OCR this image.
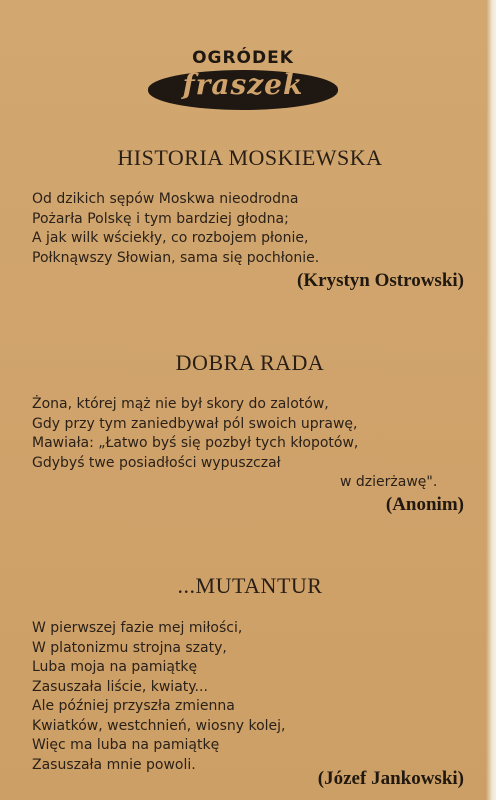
OGRÓDEK
fraszek
HISTORIA MOSKIEWSKA
Od dzikich sępów Moskwa nieodrodna
Pożarła Polskę i tym bardziej głodna;
A jak wilk wściekły, co rozbojem płonie,
Połknąwszy Słowian, sama się pochłonie.
(Krystyn Ostrowski)
DOBRA RADA
Żona, której mąż nie był skory do zalotów,
Gdy przy tym zaniedbywał pól swoich uprawę,
Mawiała: „Łatwo byś się pozbył tych kłopotów,
Gdybyś twe posiadłości wypuszczał
w dzierżawę".
(Anonim)
...MUTANTUR
W pierwszej fazie mej miłości,
W platonizmu strojna szaty,
Luba moja na pamiątkę
Zasuszała liście, kwiaty...
Ale później przyszła zmienna
Kwiatków, westchnień, wiosny kolej,
Więc ma luba na pamiątkę
Zasuszała mnie powoli.
(Józef Jankowski)
